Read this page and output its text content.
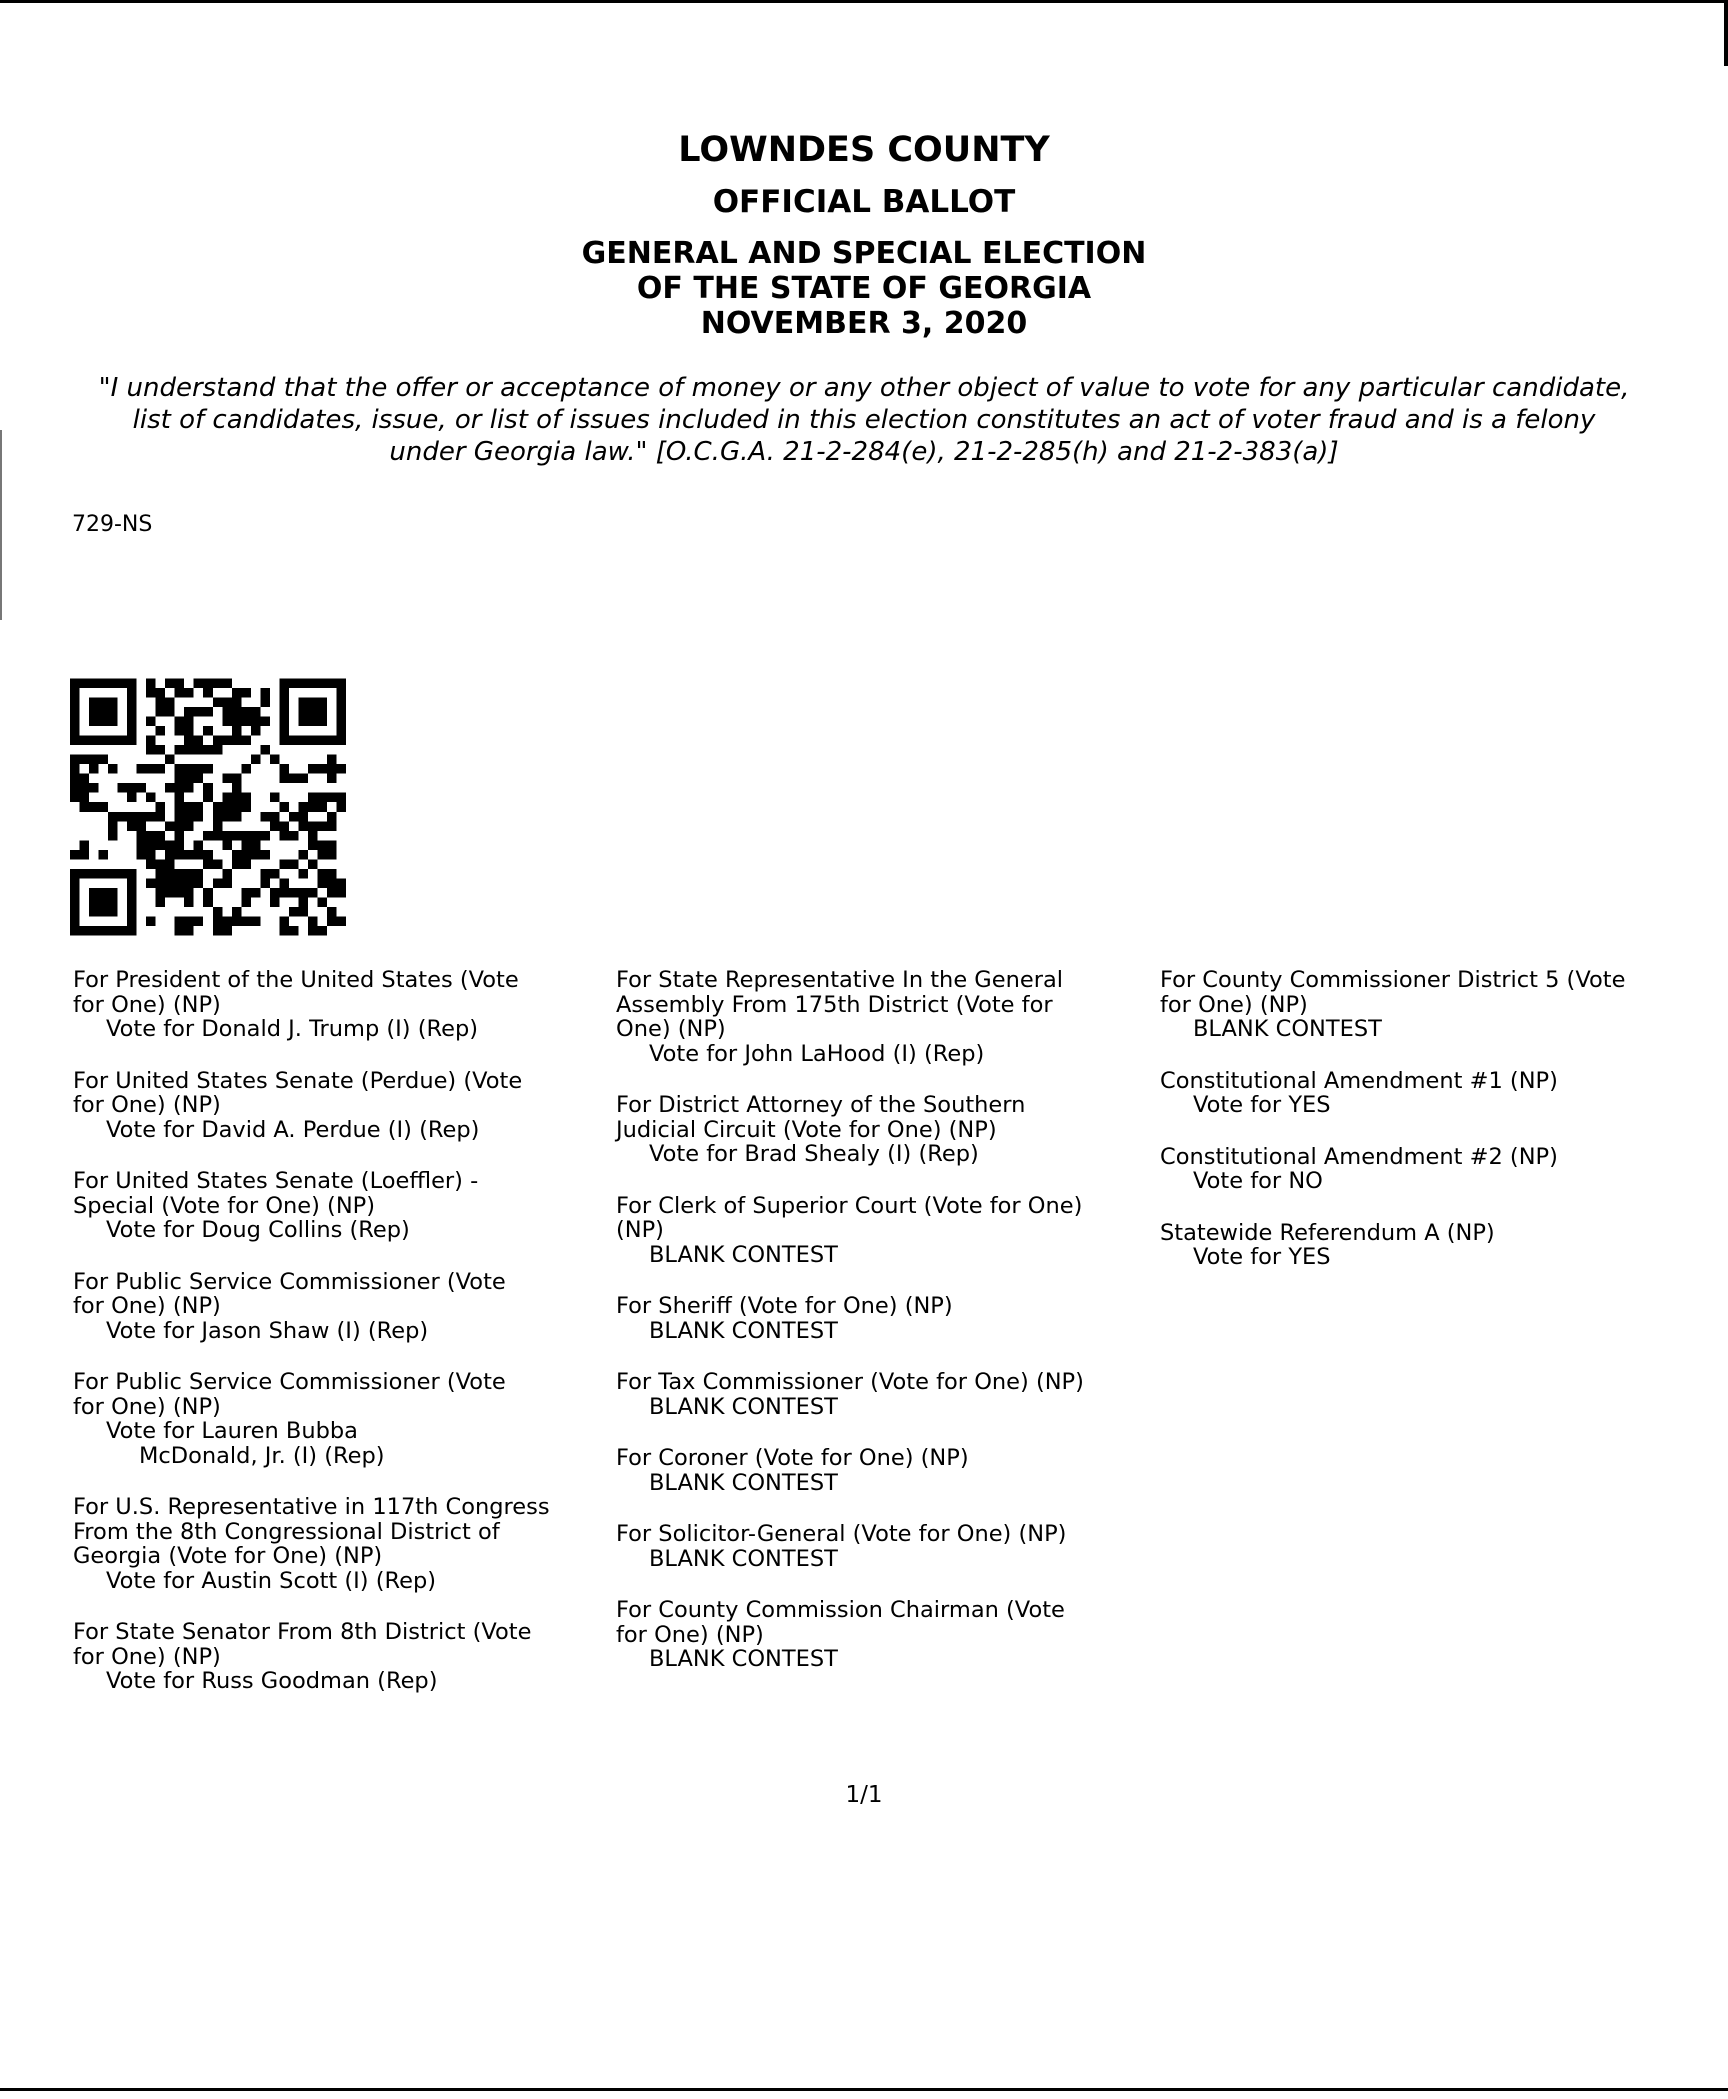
LOWNDES COUNTY
OFFICIAL BALLOT
GENERAL AND SPECIAL ELECTION
OF THE STATE OF GEORGIA
NOVEMBER 3, 2020
"I understand that the offer or acceptance of money or any other object of value to vote for any particular candidate,
list of candidates, issue, or list of issues included in this election constitutes an act of voter fraud and is a felony
under Georgia law." [O.C.G.A. 21-2-284(e), 21-2-285(h) and 21-2-383(a)]
729-NS
For President of the United States (Vote
for One) (NP)
Vote for Donald J. Trump (I) (Rep)
For United States Senate (Perdue) (Vote
for One) (NP)
Vote for David A. Perdue (I) (Rep)
For United States Senate (Loeffler) -
Special (Vote for One) (NP)
Vote for Doug Collins (Rep)
For Public Service Commissioner (Vote
for One) (NP)
Vote for Jason Shaw (I) (Rep)
For Public Service Commissioner (Vote
for One) (NP)
Vote for Lauren Bubba
McDonald, Jr. (I) (Rep)
For U.S. Representative in 117th Congress
From the 8th Congressional District of
Georgia (Vote for One) (NP)
Vote for Austin Scott (I) (Rep)
For State Senator From 8th District (Vote
for One) (NP)
Vote for Russ Goodman (Rep)
For State Representative In the General
Assembly From 175th District (Vote for
One) (NP)
Vote for John LaHood (I) (Rep)
For District Attorney of the Southern
Judicial Circuit (Vote for One) (NP)
Vote for Brad Shealy (I) (Rep)
For Clerk of Superior Court (Vote for One)
(NP)
BLANK CONTEST
For Sheriff (Vote for One) (NP)
BLANK CONTEST
For Tax Commissioner (Vote for One) (NP)
BLANK CONTEST
For Coroner (Vote for One) (NP)
BLANK CONTEST
For Solicitor-General (Vote for One) (NP)
BLANK CONTEST
For County Commission Chairman (Vote
for One) (NP)
BLANK CONTEST
For County Commissioner District 5 (Vote
for One) (NP)
BLANK CONTEST
Constitutional Amendment #1 (NP)
Vote for YES
Constitutional Amendment #2 (NP)
Vote for NO
Statewide Referendum A (NP)
Vote for YES
1/1
